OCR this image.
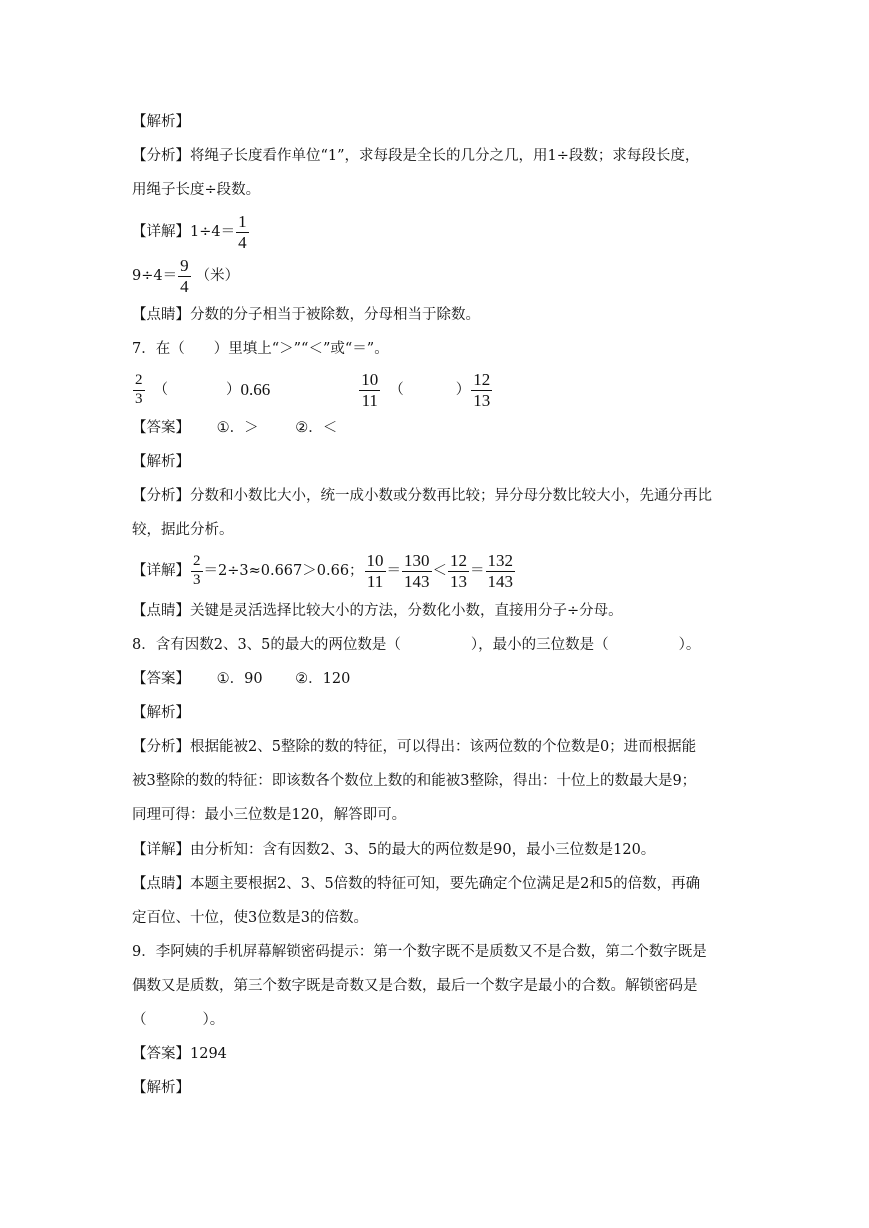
【解析】
【分析】将绳子长度看作单位“1”，求每段是全长的几分之几，用1÷段数；求每段长度，
用绳子长度÷段数。
【详解】$1\div 4= \frac{1}{4}$
$9\div 4= \frac{9}{4}$ （米）
【点睛】分数的分子相当于被除数，分母相当于除数。
7．在（　　）里填上“＞”“＜”或“＝”。
$\frac{2}{3}$ （	） 0.66	$\frac{10}{11}$ （	） $\frac{12}{13}$
【答案】 ①．＞	②．＜
【解析】
【分析】分数和小数比大小，统一成小数或分数再比较；异分母分数比较大小，先通分再比
较，据此分析。
【详解】 $\frac{2}{3} =2\div 3\approx 0.667>0.66$； $\frac{10}{11} = \frac{130}{143} < \frac{12}{13} = \frac{132}{143}$
【点睛】关键是灵活选择比较大小的方法，分数化小数，直接用分子÷分母。
8．含有因数2、3、5的最大的两位数是（	），最小的三位数是（	）。
【答案】 ①．90 ②．120
【解析】
【分析】根据能被2、5整除的数的特征，可以得出：该两位数的个位数是0；进而根据能
被3整除的数的特征：即该数各个数位上数的和能被3整除，得出：十位上的数最大是9；
同理可得：最小三位数是120，解答即可。
【详解】由分析知：含有因数2、3、5的最大的两位数是90，最小三位数是120。
【点睛】本题主要根据2、3、5倍数的特征可知，要先确定个位满足是2和5的倍数，再确
定百位、十位，使3位数是3的倍数。
9．李阿姨的手机屏幕解锁密码提示：第一个数字既不是质数又不是合数，第二个数字既是
偶数又是质数，第三个数字既是奇数又是合数，最后一个数字是最小的合数。解锁密码是
（	）。
【答案】1294
【解析】
